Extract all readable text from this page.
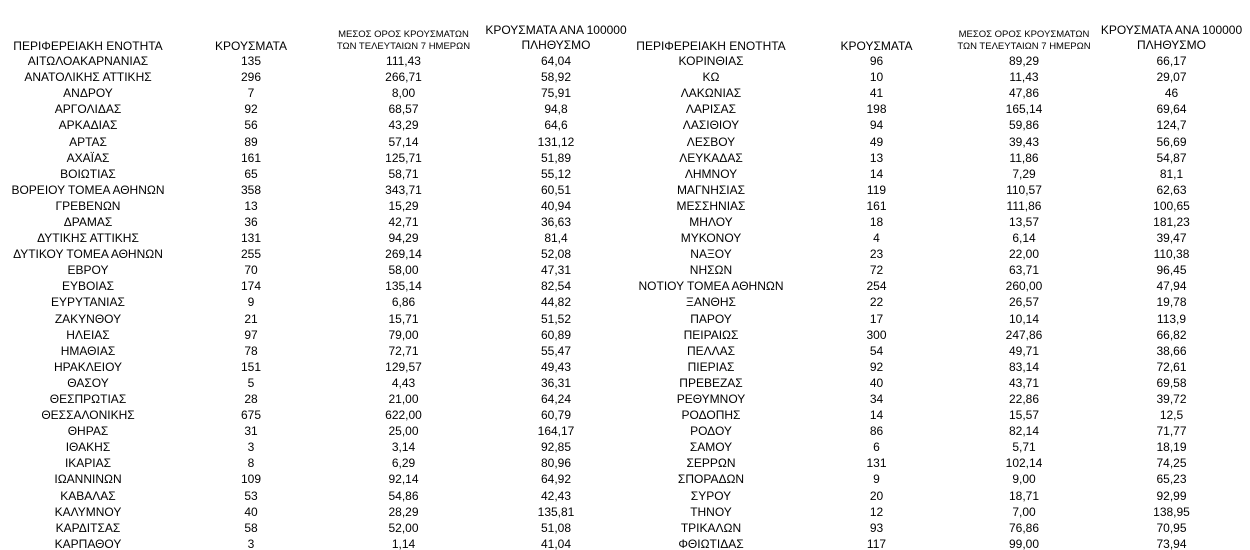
ΠΕΡΙΦΕΡΕΙΑΚΗ ΕΝΟΤΗΤΑ	ΚΡΟΥΣΜΑΤΑ	ΜΕΣΟΣ ΟΡΟΣ ΚΡΟΥΣΜΑΤΩΝ
ΤΩΝ ΤΕΛΕΥΤΑΙΩΝ 7 ΗΜΕΡΩΝ	ΚΡΟΥΣΜΑΤΑ ΑΝΑ 100000
ΠΛΗΘΥΣΜΟ
ΑΙΤΩΛΟΑΚΑΡΝΑΝΙΑΣ	135	111,43	64,04
ΑΝΑΤΟΛΙΚΗΣ ΑΤΤΙΚΗΣ	296	266,71	58,92
ΑΝΔΡΟΥ	7	8,00	75,91
ΑΡΓΟΛΙΔΑΣ	92	68,57	94,8
ΑΡΚΑΔΙΑΣ	56	43,29	64,6
ΑΡΤΑΣ	89	57,14	131,12
ΑΧΑΪΑΣ	161	125,71	51,89
ΒΟΙΩΤΙΑΣ	65	58,71	55,12
ΒΟΡΕΙΟΥ ΤΟΜΕΑ ΑΘΗΝΩΝ	358	343,71	60,51
ΓΡΕΒΕΝΩΝ	13	15,29	40,94
ΔΡΑΜΑΣ	36	42,71	36,63
ΔΥΤΙΚΗΣ ΑΤΤΙΚΗΣ	131	94,29	81,4
ΔΥΤΙΚΟΥ ΤΟΜΕΑ ΑΘΗΝΩΝ	255	269,14	52,08
ΕΒΡΟΥ	70	58,00	47,31
ΕΥΒΟΙΑΣ	174	135,14	82,54
ΕΥΡΥΤΑΝΙΑΣ	9	6,86	44,82
ΖΑΚΥΝΘΟΥ	21	15,71	51,52
ΗΛΕΙΑΣ	97	79,00	60,89
ΗΜΑΘΙΑΣ	78	72,71	55,47
ΗΡΑΚΛΕΙΟΥ	151	129,57	49,43
ΘΑΣΟΥ	5	4,43	36,31
ΘΕΣΠΡΩΤΙΑΣ	28	21,00	64,24
ΘΕΣΣΑΛΟΝΙΚΗΣ	675	622,00	60,79
ΘΗΡΑΣ	31	25,00	164,17
ΙΘΑΚΗΣ	3	3,14	92,85
ΙΚΑΡΙΑΣ	8	6,29	80,96
ΙΩΑΝΝΙΝΩΝ	109	92,14	64,92
ΚΑΒΑΛΑΣ	53	54,86	42,43
ΚΑΛΥΜΝΟΥ	40	28,29	135,81
ΚΑΡΔΙΤΣΑΣ	58	52,00	51,08
ΚΑΡΠΑΘΟΥ	3	1,14	41,04
ΠΕΡΙΦΕΡΕΙΑΚΗ ΕΝΟΤΗΤΑ	ΚΡΟΥΣΜΑΤΑ	ΜΕΣΟΣ ΟΡΟΣ ΚΡΟΥΣΜΑΤΩΝ
ΤΩΝ ΤΕΛΕΥΤΑΙΩΝ 7 ΗΜΕΡΩΝ	ΚΡΟΥΣΜΑΤΑ ΑΝΑ 100000
ΠΛΗΘΥΣΜΟ
ΚΟΡΙΝΘΙΑΣ	96	89,29	66,17
ΚΩ	10	11,43	29,07
ΛΑΚΩΝΙΑΣ	41	47,86	46
ΛΑΡΙΣΑΣ	198	165,14	69,64
ΛΑΣΙΘΙΟΥ	94	59,86	124,7
ΛΕΣΒΟΥ	49	39,43	56,69
ΛΕΥΚΑΔΑΣ	13	11,86	54,87
ΛΗΜΝΟΥ	14	7,29	81,1
ΜΑΓΝΗΣΙΑΣ	119	110,57	62,63
ΜΕΣΣΗΝΙΑΣ	161	111,86	100,65
ΜΗΛΟΥ	18	13,57	181,23
ΜΥΚΟΝΟΥ	4	6,14	39,47
ΝΑΞΟΥ	23	22,00	110,38
ΝΗΣΩΝ	72	63,71	96,45
ΝΟΤΙΟΥ ΤΟΜΕΑ ΑΘΗΝΩΝ	254	260,00	47,94
ΞΑΝΘΗΣ	22	26,57	19,78
ΠΑΡΟΥ	17	10,14	113,9
ΠΕΙΡΑΙΩΣ	300	247,86	66,82
ΠΕΛΛΑΣ	54	49,71	38,66
ΠΙΕΡΙΑΣ	92	83,14	72,61
ΠΡΕΒΕΖΑΣ	40	43,71	69,58
ΡΕΘΥΜΝΟΥ	34	22,86	39,72
ΡΟΔΟΠΗΣ	14	15,57	12,5
ΡΟΔΟΥ	86	82,14	71,77
ΣΑΜΟΥ	6	5,71	18,19
ΣΕΡΡΩΝ	131	102,14	74,25
ΣΠΟΡΑΔΩΝ	9	9,00	65,23
ΣΥΡΟΥ	20	18,71	92,99
ΤΗΝΟΥ	12	7,00	138,95
ΤΡΙΚΑΛΩΝ	93	76,86	70,95
ΦΘΙΩΤΙΔΑΣ	117	99,00	73,94
